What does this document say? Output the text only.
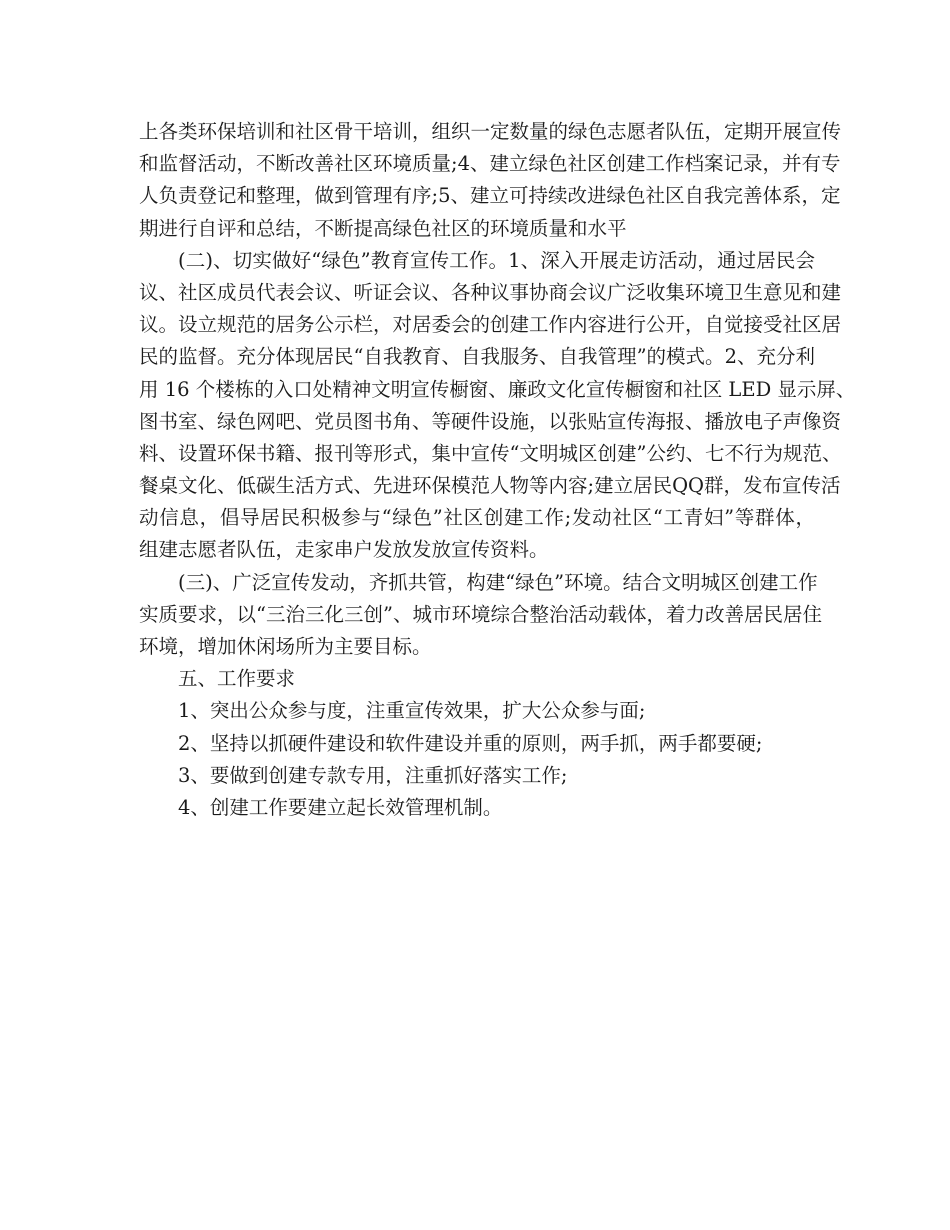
上各类环保培训和社区骨干培训，组织一定数量的绿色志愿者队伍，定期开展宣传
和监督活动，不断改善社区环境质量;4、建立绿色社区创建工作档案记录，并有专
人负责登记和整理，做到管理有序;5、建立可持续改进绿色社区自我完善体系，定
期进行自评和总结，不断提高绿色社区的环境质量和水平
(二)、切实做好“绿色”教育宣传工作。1、深入开展走访活动，通过居民会
议、社区成员代表会议、听证会议、各种议事协商会议广泛收集环境卫生意见和建
议。设立规范的居务公示栏，对居委会的创建工作内容进行公开，自觉接受社区居
民的监督。充分体现居民“自我教育、自我服务、自我管理”的模式。2、充分利
用 16 个楼栋的入口处精神文明宣传橱窗、廉政文化宣传橱窗和社区 LED 显示屏、
图书室、绿色网吧、党员图书角、等硬件设施，以张贴宣传海报、播放电子声像资
料、设置环保书籍、报刊等形式，集中宣传“文明城区创建”公约、七不行为规范、
餐桌文化、低碳生活方式、先进环保模范人物等内容;建立居民QQ群，发布宣传活
动信息，倡导居民积极参与“绿色”社区创建工作;发动社区“工青妇”等群体，
组建志愿者队伍，走家串户发放发放宣传资料。
(三)、广泛宣传发动，齐抓共管，构建“绿色”环境。结合文明城区创建工作
实质要求，以“三治三化三创”、城市环境综合整治活动载体，着力改善居民居住
环境，增加休闲场所为主要目标。
五、工作要求
1、突出公众参与度，注重宣传效果，扩大公众参与面;
2、坚持以抓硬件建设和软件建设并重的原则，两手抓，两手都要硬;
3、要做到创建专款专用，注重抓好落实工作;
4、创建工作要建立起长效管理机制。
